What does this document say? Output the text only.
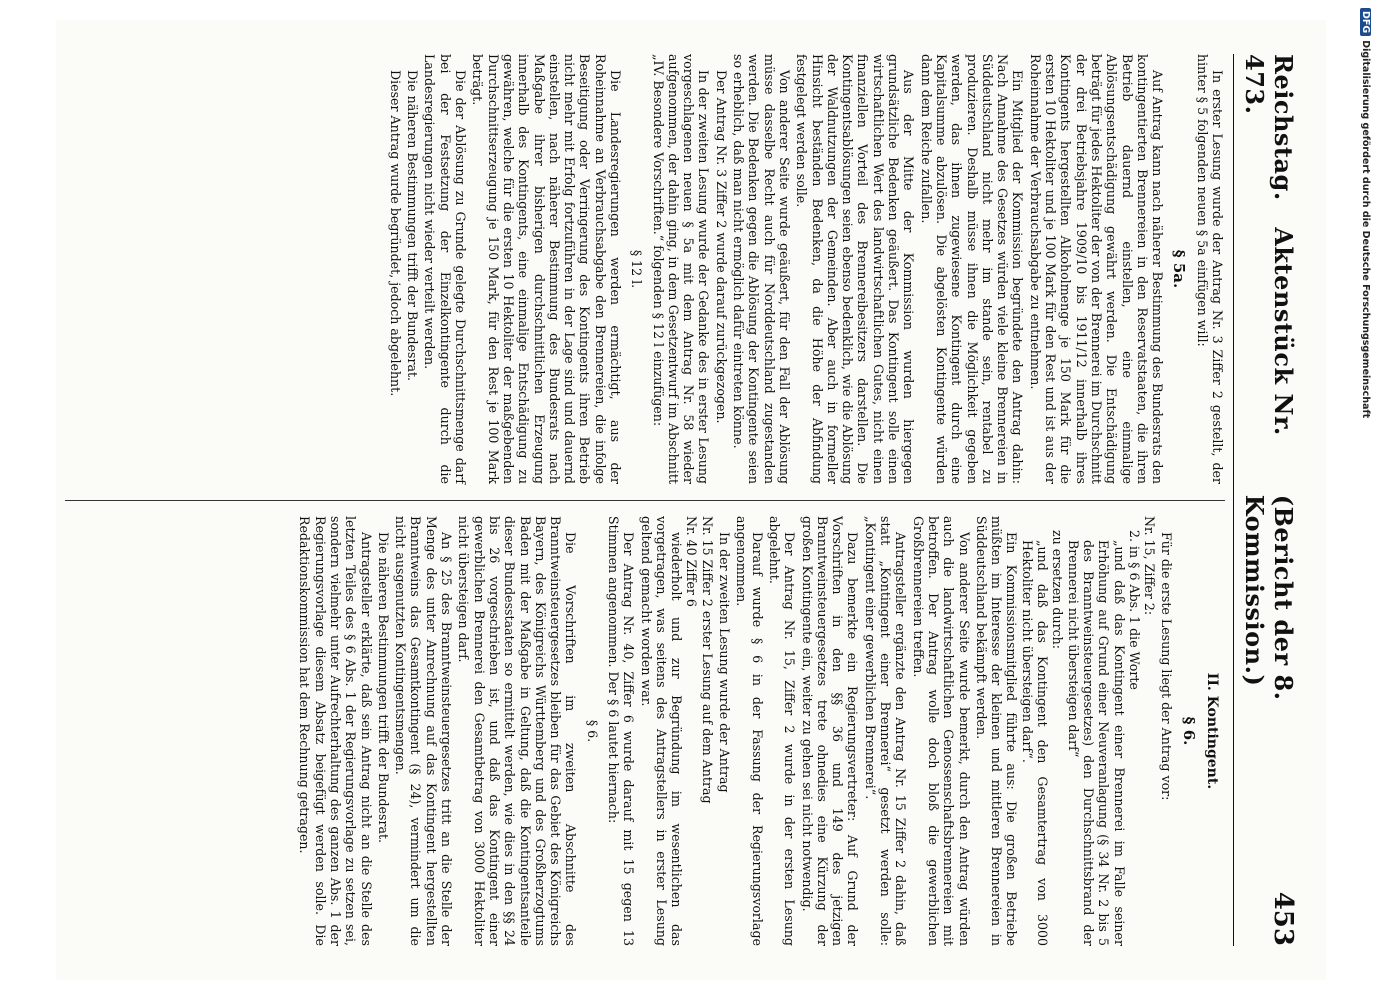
Reichstag.   Aktenstück Nr. 473.
(Bericht der 8. Kommission.)
453

In erster Lesung wurde der Antrag Nr. 3 Ziffer 2 gestellt, der hinter § 5 folgenden neuen § 5a einfügen will:

§ 5a.

Auf Antrag kann nach näherer Bestimmung des Bundesrats den kontingentierten Brennereien in den Reservatstaaten, die ihren Betrieb dauernd einstellen, eine einmalige Ablösungsentschädigung gewährt werden. Die Entschädigung beträgt für jedes Hektoliter der von der Brennerei im Durchschnitt der drei Betriebsjahre 1909/10 bis 1911/12 innerhalb ihres Kontingents hergestellten Alkoholmenge je 150 Mark für die ersten 10 Hektoliter und je 100 Mark für den Rest und ist aus der Roheinnahme der Verbrauchsabgabe zu entnehmen.

Ein Mitglied der Kommission begründete den Antrag dahin: Nach Annahme des Gesetzes würden viele kleine Brennereien in Süddeutschland nicht mehr im stande sein, rentabel zu produzieren. Deshalb müsse ihnen die Möglichkeit gegeben werden, das ihnen zugewiesene Kontingent durch eine Kapitalsumme abzulösen. Die abgelösten Kontingente würden dann dem Reiche zufallen.

Aus der Mitte der Kommission wurden hiergegen grundsätzliche Bedenken geäußert. Das Kontingent solle einen wirtschaftlichen Wert des landwirtschaftlichen Gutes, nicht einen finanziellen Vorteil des Brennereibesitzers darstellen. Die Kontingentsablösungen seien ebenso bedenklich, wie die Ablösung der Waldnutzungen der Gemeinden. Aber auch in formeller Hinsicht beständen Bedenken, da die Höhe der Abfindung festgelegt werden solle.

Von anderer Seite wurde geäußert, für den Fall der Ablösung müsse dasselbe Recht auch für Norddeutschland zugestanden werden. Die Bedenken gegen die Ablösung der Kontingente seien so erheblich, daß man nicht ermöglich dafür eintreten könne.

Der Antrag Nr. 3 Ziffer 2 wurde darauf zurückgezogen.

In der zweiten Lesung wurde der Gedanke des in erster Lesung vorgeschlagenen neuen § 5a mit dem Antrag Nr. 58 wieder aufgenommen, der dahin ging, in dem Gesetzentwurf im Abschnitt „IV. Besondere Vorschriften.“ folgenden § 12 l einzufügen:

§ 12 l.

Die Landesregierungen werden ermächtigt, aus der Roheinnahme an Verbrauchsabgabe den Brennereien, die infolge Beseitigung oder Verringerung des Kontingents ihren Betrieb nicht mehr mit Erfolg fortzuführen in der Lage sind und dauernd einstellen, nach näherer Bestimmung des Bundesrats nach Maßgabe ihrer bisherigen durchschnittlichen Erzeugung innerhalb des Kontingents, eine einmalige Entschädigung zu gewähren, welche für die ersten 10 Hektoliter der maßgebenden Durchschnittserzeugung je 150 Mark, für den Rest je 100 Mark beträgt.

Die der Ablösung zu Grunde gelegte Durchschnittsmenge darf bei der Festsetzung der Einzelkontingente durch die Landesregierungen nicht wieder verteilt werden.

Die näheren Bestimmungen trifft der Bundesrat.

Dieser Antrag wurde begründet, jedoch abgelehnt.

II. Kontingent.
§ 6.

Für die erste Lesung liegt der Antrag vor:

Nr. 15, Ziffer 2:

2. in § 6 Abs. 1 die Worte

„und daß das Kontingent einer Brennerei im Falle seiner Erhöhung auf Grund einer Neuveranlagung (§ 34 Nr. 2 bis 5 des Branntweinsteuergesetzes) den Durchschnittsbrand der Brennerei nicht übersteigen darf“

zu ersetzen durch:

„und daß das Kontingent den Gesamtertrag von 3000 Hektoliter nicht übersteigen darf“.

Ein Kommissionsmitglied führte aus: Die großen Betriebe müßten im Interesse der kleinen und mittleren Brennereien in Süddeutschland bekämpft werden.

Von anderer Seite wurde bemerkt, durch den Antrag würden auch die landwirtschaftlichen Genossenschaftsbrennereien mit betroffen. Der Antrag wolle doch bloß die gewerblichen Großbrennereien treffen.

Antragsteller ergänzte den Antrag Nr. 15 Ziffer 2 dahin, daß statt „Kontingent einer Brennerei“ gesetzt werden solle: „Kontingent einer gewerblichen Brennerei“.

Dazu bemerkte ein Regierungsvertreter: Auf Grund der Vorschriften in den §§ 36 und 149 des jetzigen Branntweinsteuergesetzes trete ohnedies eine Kürzung der großen Kontingente ein, weiter zu gehen sei nicht notwendig.

Der Antrag Nr. 15, Ziffer 2 wurde in der ersten Lesung abgelehnt.

Darauf wurde § 6 in der Fassung der Regierungsvorlage angenommen.

In der zweiten Lesung wurde der Antrag

Nr. 15 Ziffer 2 erster Lesung auf dem Antrag

Nr. 40 Ziffer 6

wiederholt und zur Begründung im wesentlichen das vorgetragen, was seitens des Antragstellers in erster Lesung geltend gemacht worden war.

Der Antrag Nr. 40, Ziffer 6 wurde darauf mit 15 gegen 13 Stimmen angenommen. Der § 6 lautet hiernach:

§ 6.

Die Vorschriften im zweiten Abschnitte des Branntweinsteuergesetzes bleiben für das Gebiet des Königreichs Bayern, des Königreichs Württemberg und des Großherzogtums Baden mit der Maßgabe in Geltung, daß die Kontingentsanteile dieser Bundesstaaten so ermittelt werden, wie dies in den §§ 24 bis 26 vorgeschrieben ist, und daß das Kontingent einer gewerblichen Brennerei den Gesamtbetrag von 3000 Hektoliter nicht übersteigen darf.

An § 25 des Branntweinsteuergesetzes tritt an die Stelle der Menge des unter Anrechnung auf das Kontingent hergestellten Branntweins das Gesamtkontingent (§ 24), vermindert um die nicht ausgenutzten Kontingentsmengen.

Die näheren Bestimmungen trifft der Bundesrat.

Antragsteller erklärte, daß sein Antrag nicht an die Stelle des letzten Teiles des § 6 Abs. 1 der Regierungsvorlage zu setzen sei, sondern vielmehr unter Aufrechterhaltung des ganzen Abs. 1 der Regierungsvorlage diesem Absatz beigefügt werden solle. Die Redaktionskommission hat dem Rechnung getragen.

DFGDigitalisierung gefördert durch die Deutsche Forschungsgemeinschaft
